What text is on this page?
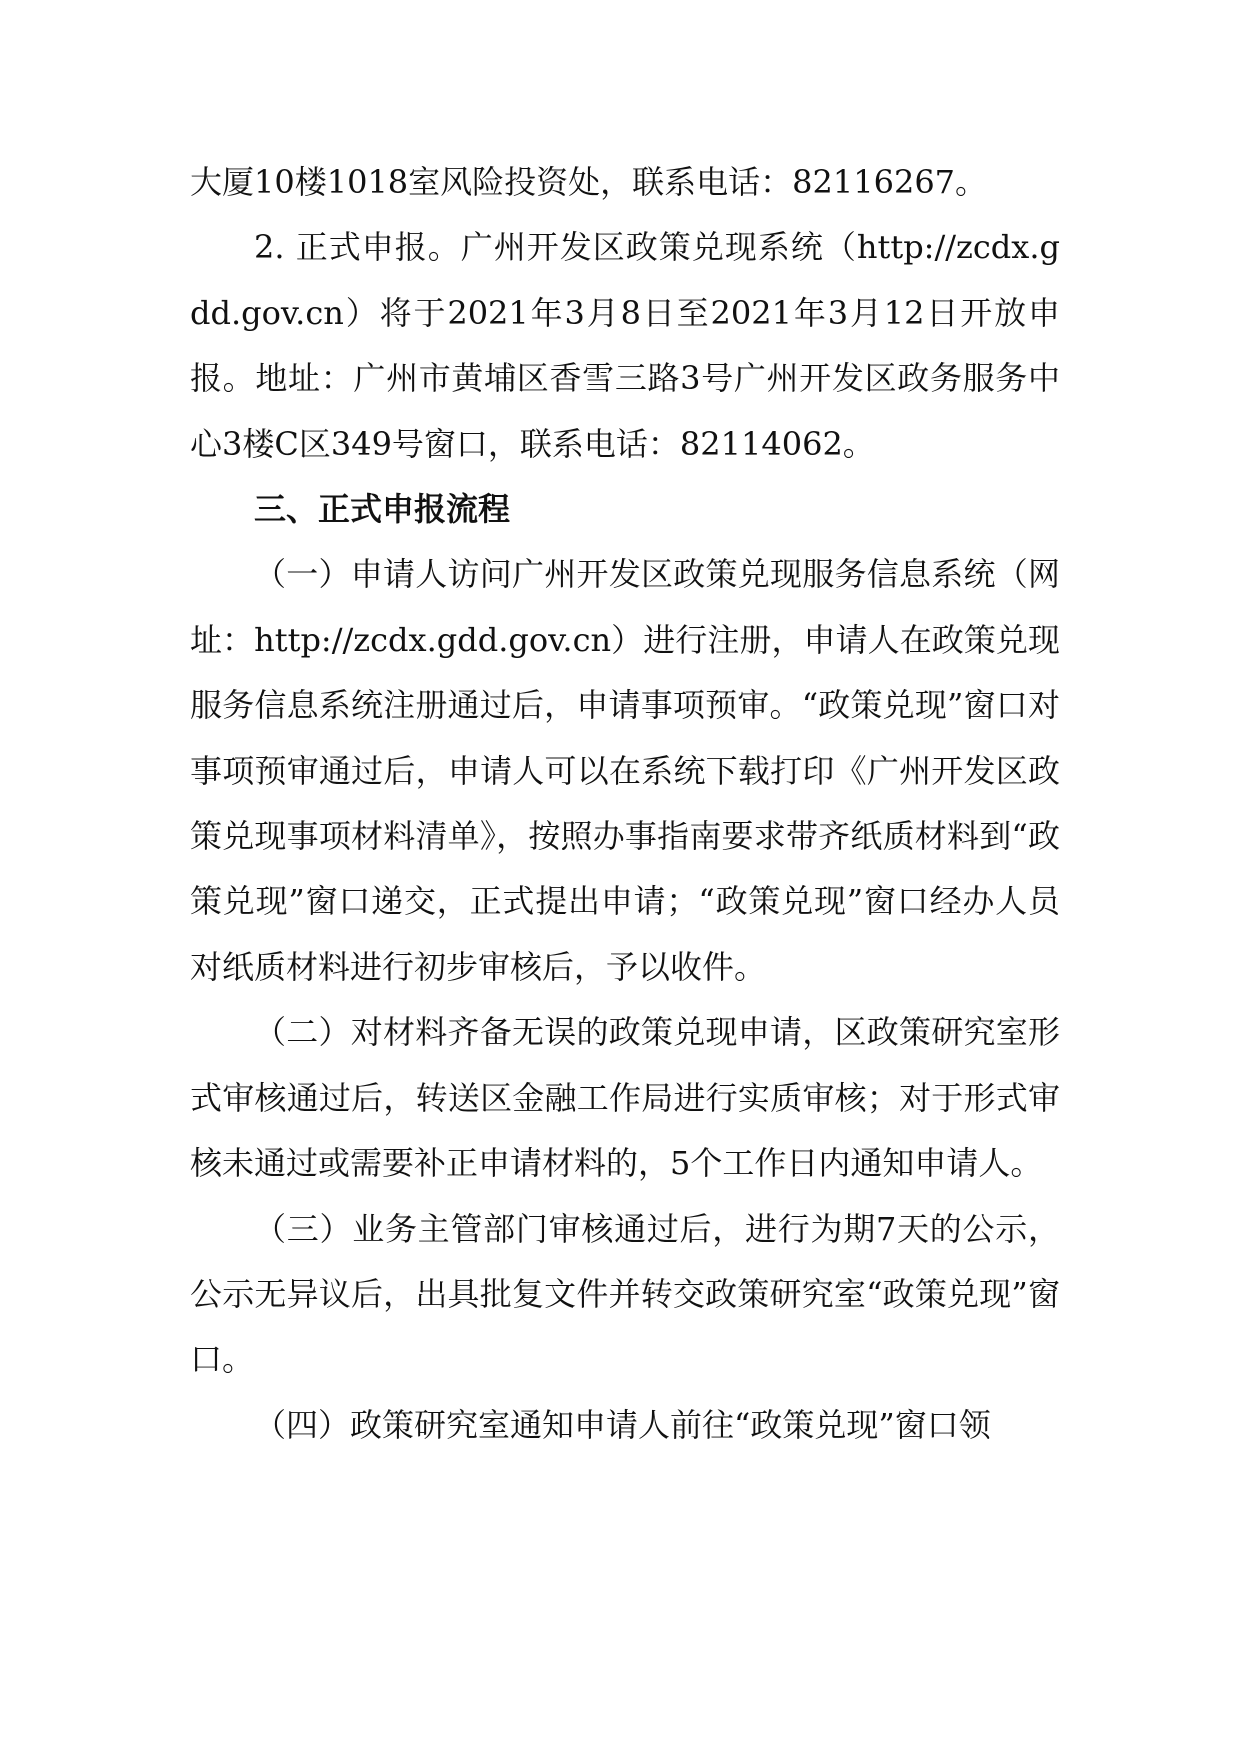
大厦10楼1018室风险投资处，联系电话：82116267。

2. 正式申报。广州开发区政策兑现系统（http://zcdx.gdd.gov.cn）将于2021年3月8日至2021年3月12日开放申报。地址：广州市黄埔区香雪三路3号广州开发区政务服务中心3楼C区349号窗口，联系电话：82114062。

三、正式申报流程

（一）申请人访问广州开发区政策兑现服务信息系统（网址：http://zcdx.gdd.gov.cn）进行注册，申请人在政策兑现服务信息系统注册通过后，申请事项预审。“政策兑现”窗口对事项预审通过后，申请人可以在系统下载打印《广州开发区政策兑现事项材料清单》，按照办事指南要求带齐纸质材料到“政策兑现”窗口递交，正式提出申请；“政策兑现”窗口经办人员对纸质材料进行初步审核后，予以收件。

（二）对材料齐备无误的政策兑现申请，区政策研究室形式审核通过后，转送区金融工作局进行实质审核；对于形式审核未通过或需要补正申请材料的，5个工作日内通知申请人。

（三）业务主管部门审核通过后，进行为期7天的公示，公示无异议后，出具批复文件并转交政策研究室“政策兑现”窗口。

（四）政策研究室通知申请人前往“政策兑现”窗口领
